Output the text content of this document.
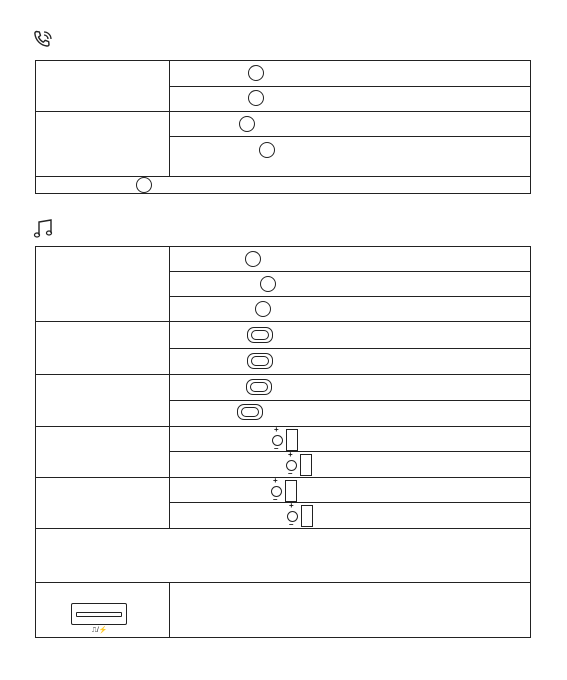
+
–
+
–
+
–
+
–
⎍/⚡
